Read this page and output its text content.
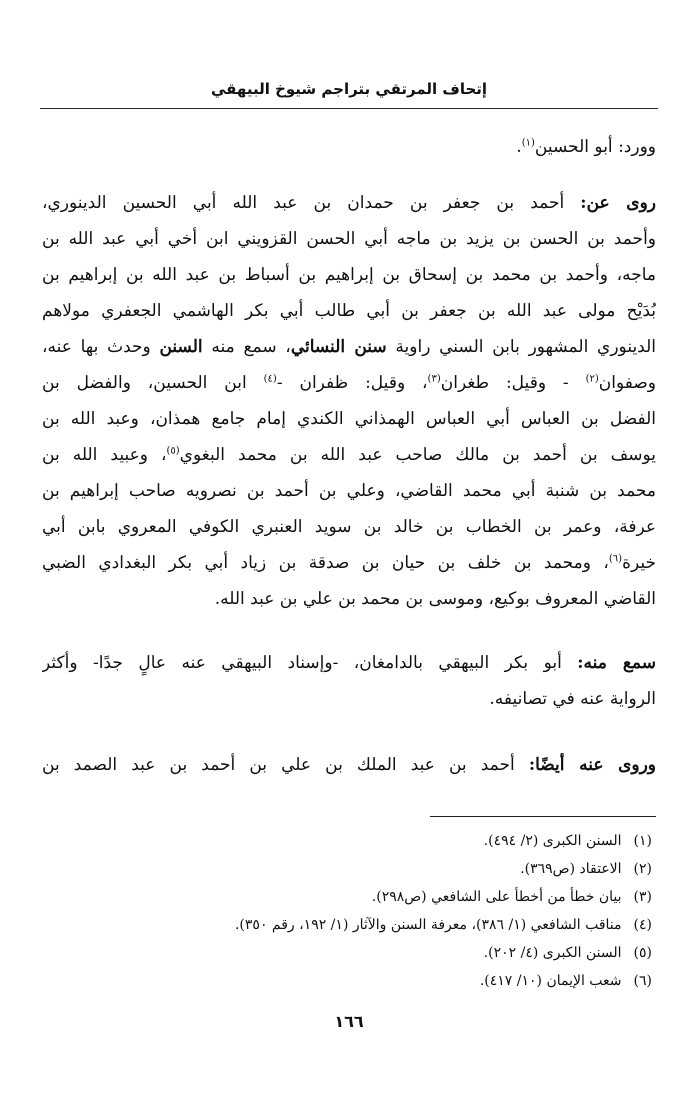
إتحاف المرتقي بتراجم شيوخ البيهقي
وورد: أبو الحسين$^{(١)}$.
روى عن: أحمد بن جعفر بن حمدان بن عبد الله أبي الحسين الدينوري،
وأحمد بن الحسن بن يزيد بن ماجه أبي الحسن القزويني ابن أخي أبي عبد الله بن
ماجه، وأحمد بن محمد بن إسحاق بن إبراهيم بن أسباط بن عبد الله بن إبراهيم بن
بُدَيْح مولى عبد الله بن جعفر بن أبي طالب أبي بكر الهاشمي الجعفري مولاهم
الدينوري المشهور بابن السني راوية سنن النسائي، سمع منه السنن وحدث بها عنه،
وصفوان$^{(٢)}$ - وقيل: طغران$^{(٣)}$، وقيل: ظفران -$^{(٤)}$ ابن الحسين، والفضل بن
الفضل بن العباس أبي العباس الهمذاني الكندي إمام جامع همذان، وعبد الله بن
يوسف بن أحمد بن مالك صاحب عبد الله بن محمد البغوي$^{(٥)}$، وعبيد الله بن
محمد بن شنبة أبي محمد القاضي، وعلي بن أحمد بن نصرويه صاحب إبراهيم بن
عرفة، وعمر بن الخطاب بن خالد بن سويد العنبري الكوفي المعروي بابن أبي
خيرة$^{(٦)}$، ومحمد بن خلف بن حيان بن صدقة بن زياد أبي بكر البغدادي الضبي
القاضي المعروف بوكيع، وموسى بن محمد بن علي بن عبد الله.
سمع منه: أبو بكر البيهقي بالدامغان، -وإسناد البيهقي عنه عالٍ جدًا- وأكثر
الرواية عنه في تصانيفه.
وروى عنه أيضًا: أحمد بن عبد الملك بن علي بن أحمد بن عبد الصمد بن
(١) السنن الكبرى (٢/ ٤٩٤).
(٢) الاعتقاد (ص٣٦٩).
(٣) بيان خطأ من أخطأ على الشافعي (ص٢٩٨).
(٤) مناقب الشافعي (١/ ٣٨٦)، معرفة السنن والآثار (١/ ١٩٢، رقم ٣٥٠).
(٥) السنن الكبرى (٤/ ٢٠٢).
(٦) شعب الإيمان (١٠/ ٤١٧).
١٦٦
